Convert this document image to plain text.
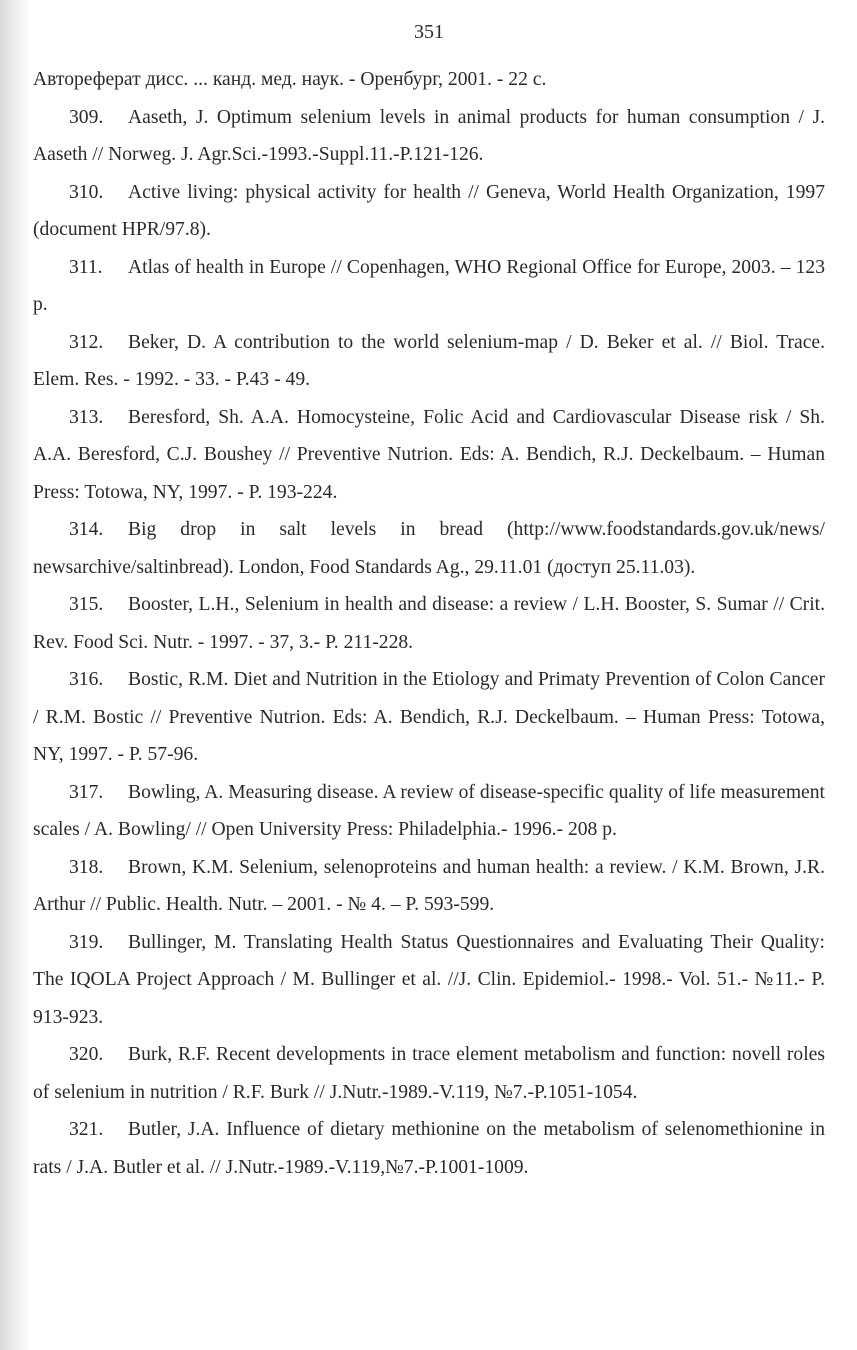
351

Автореферат дисс. ... канд. мед. наук. - Оренбург, 2001. - 22 с.

309. Aaseth, J. Optimum selenium levels in animal products for human consumption / J. Aaseth // Norweg. J. Agr.Sci.-1993.-Suppl.11.-P.121-126.

310. Active living: physical activity for health // Geneva, World Health Organization, 1997 (document HPR/97.8).

311. Atlas of health in Europe // Copenhagen, WHO Regional Office for Europe, 2003. – 123 p.

312. Beker, D. A contribution to the world selenium-map / D. Beker et al. // Biol. Trace. Elem. Res. - 1992. - 33. - P.43 - 49.

313. Beresford, Sh. A.A. Homocysteine, Folic Acid and Cardiovascular Disease risk / Sh. A.A. Beresford, C.J. Boushey // Preventive Nutrion. Eds: A. Bendich, R.J. Deckelbaum. – Human Press: Totowa, NY, 1997. - P. 193-224.

314. Big drop in salt levels in bread (http://www.foodstandards.gov.uk/news/ newsarchive/saltinbread). London, Food Standards Ag., 29.11.01 (доступ 25.11.03).

315. Booster, L.H., Selenium in health and disease: a review / L.H. Booster, S. Sumar // Crit. Rev. Food Sci. Nutr. - 1997. - 37, 3.- P. 211-228.

316. Bostic, R.M. Diet and Nutrition in the Etiology and Primaty Prevention of Colon Cancer / R.M. Bostic // Preventive Nutrion. Eds: A. Bendich, R.J. Deckelbaum. – Human Press: Totowa, NY, 1997. - P. 57-96.

317. Bowling, A. Measuring disease. A review of disease-specific quality of life measurement scales / A. Bowling/ // Open University Press: Philadelphia.- 1996.- 208 p.

318. Brown, K.M. Selenium, selenoproteins and human health: a review. / K.M. Brown, J.R. Arthur // Public. Health. Nutr. – 2001. - № 4. – P. 593-599.

319. Bullinger, M. Translating Health Status Questionnaires and Evaluating Their Quality: The IQOLA Project Approach / M. Bullinger et al. //J. Clin. Epidemiol.- 1998.- Vol. 51.- №11.- P. 913-923.

320. Burk, R.F. Recent developments in trace element metabolism and function: novell roles of selenium in nutrition / R.F. Burk // J.Nutr.-1989.-V.119, №7.-P.1051-1054.

321. Butler, J.A. Influence of dietary methionine on the metabolism of selenomethionine in rats / J.A. Butler et al. // J.Nutr.-1989.-V.119,№7.-P.1001-1009.
